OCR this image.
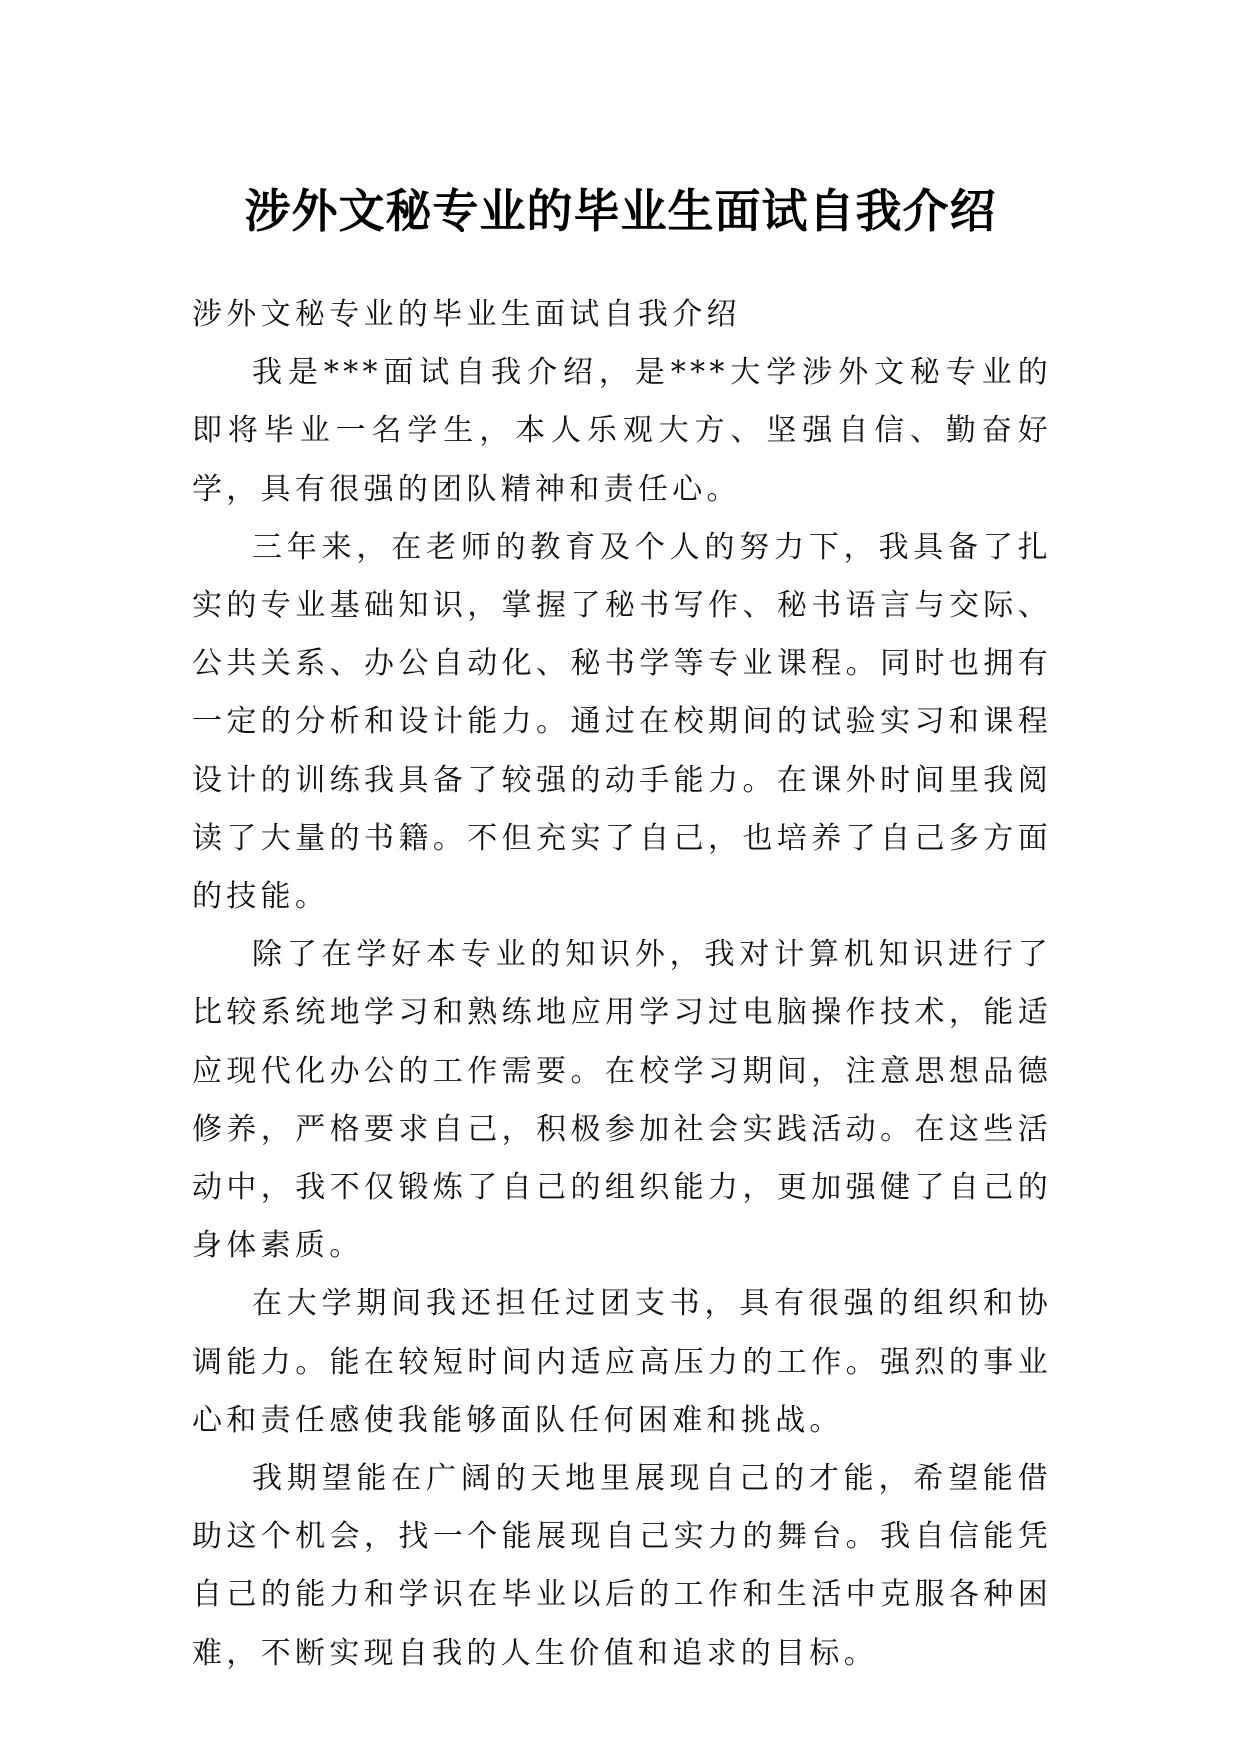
涉外文秘专业的毕业生面试自我介绍

涉外文秘专业的毕业生面试自我介绍

我是***面试自我介绍，是***大学涉外文秘专业的即将毕业一名学生，本人乐观大方、坚强自信、勤奋好学，具有很强的团队精神和责任心。

三年来，在老师的教育及个人的努力下，我具备了扎实的专业基础知识，掌握了秘书写作、秘书语言与交际、公共关系、办公自动化、秘书学等专业课程。同时也拥有一定的分析和设计能力。通过在校期间的试验实习和课程设计的训练我具备了较强的动手能力。在课外时间里我阅读了大量的书籍。不但充实了自己，也培养了自己多方面的技能。

除了在学好本专业的知识外，我对计算机知识进行了比较系统地学习和熟练地应用学习过电脑操作技术，能适应现代化办公的工作需要。在校学习期间，注意思想品德修养，严格要求自己，积极参加社会实践活动。在这些活动中，我不仅锻炼了自己的组织能力，更加强健了自己的身体素质。

在大学期间我还担任过团支书，具有很强的组织和协调能力。能在较短时间内适应高压力的工作。强烈的事业心和责任感使我能够面队任何困难和挑战。

我期望能在广阔的天地里展现自己的才能，希望能借助这个机会，找一个能展现自己实力的舞台。我自信能凭自己的能力和学识在毕业以后的工作和生活中克服各种困难，不断实现自我的人生价值和追求的目标。
